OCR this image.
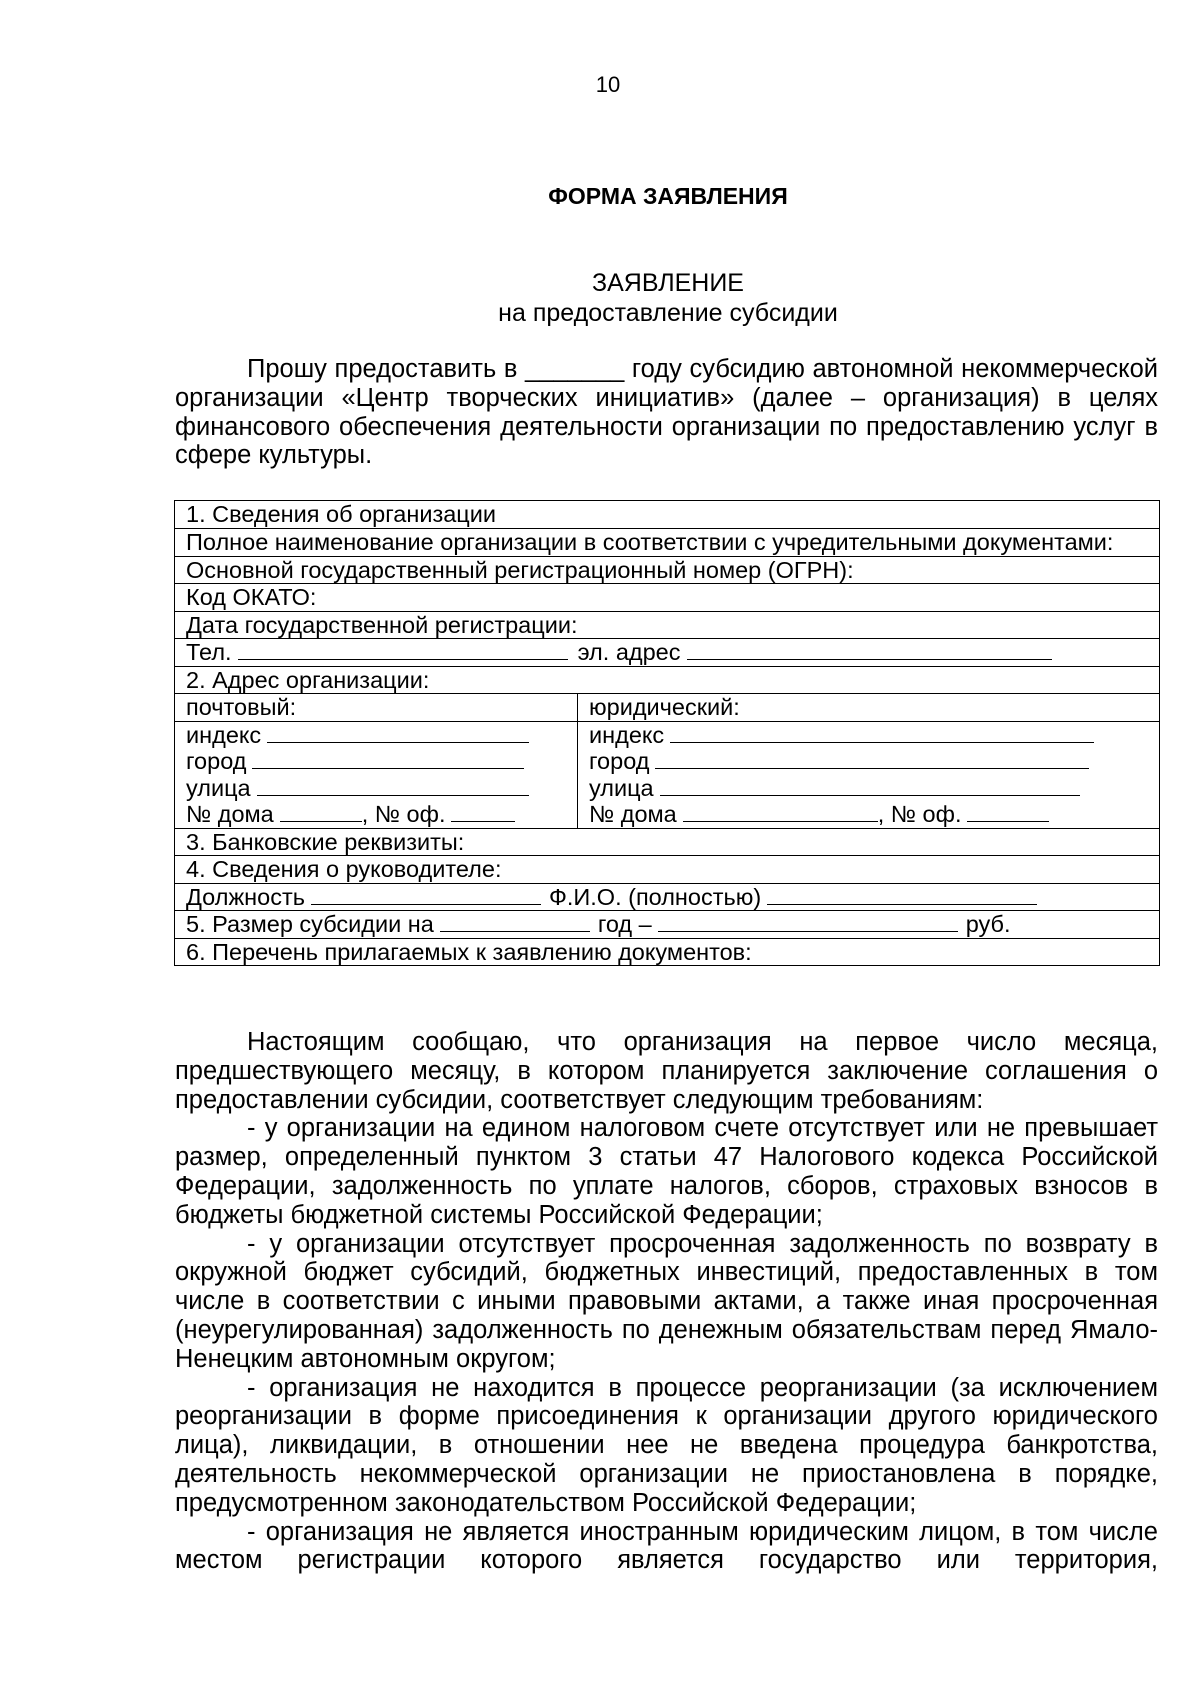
10
ФОРМА ЗАЯВЛЕНИЯ
ЗАЯВЛЕНИЕ
на предоставление субсидии
Прошу предоставить в _______ году субсидию автономной некоммерческой организации «Центр творческих инициатив» (далее – организация) в целях финансового обеспечения деятельности организации по предоставлению услуг в сфере культуры.
1. Сведения об организации
Полное наименование организации в соответствии с учредительными документами:
Основной государственный регистрационный номер (ОГРН):
Код ОКАТО:
Дата государственной регистрации:
Тел.	эл. адрес
2. Адрес организации:
почтовый:	юридический:
индекс
город
улица
№ дома	, № оф.
индекс
город
улица
№ дома	, № оф.
3. Банковские реквизиты:
4. Сведения о руководителе:
Должность	Ф.И.О. (полностью)
5. Размер субсидии на	год –	руб.
6. Перечень прилагаемых к заявлению документов:

Настоящим сообщаю, что организация на первое число месяца, предшествующего месяцу, в котором планируется заключение соглашения о предоставлении субсидии, соответствует следующим требованиям:

- у организации на едином налоговом счете отсутствует или не превышает размер, определенный пунктом 3 статьи 47 Налогового кодекса Российской Федерации, задолженность по уплате налогов, сборов, страховых взносов в бюджеты бюджетной системы Российской Федерации;

- у организации отсутствует просроченная задолженность по возврату в окружной бюджет субсидий, бюджетных инвестиций, предоставленных в том числе в соответствии с иными правовыми актами, а также иная просроченная (неурегулированная) задолженность по денежным обязательствам перед Ямало-Ненецким автономным округом;

- организация не находится в процессе реорганизации (за исключением реорганизации в форме присоединения к организации другого юридического лица), ликвидации, в отношении нее не введена процедура банкротства, деятельность некоммерческой организации не приостановлена в порядке, предусмотренном законодательством Российской Федерации;

- организация не является иностранным юридическим лицом, в том числе местом регистрации которого является государство или территория,
